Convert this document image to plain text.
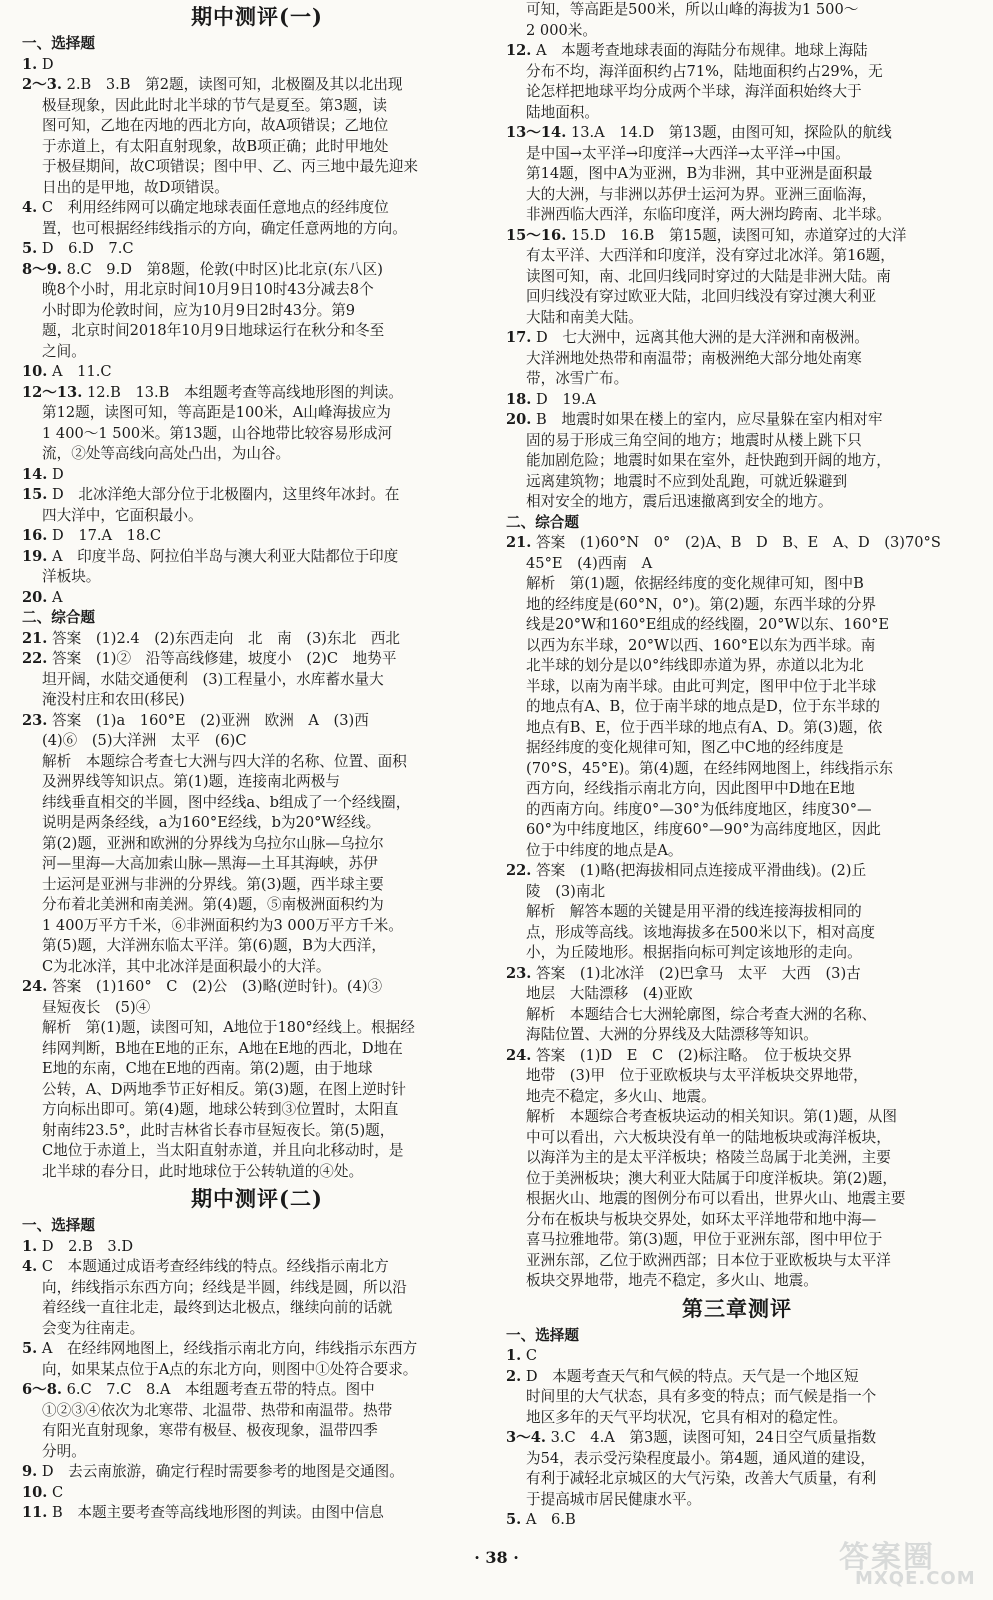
期中测评(一)
一、选择题
1. D
2～3. 2.B　3.B　第2题，读图可知，北极圈及其以北出现
极昼现象，因此此时北半球的节气是夏至。第3题，读
图可知，乙地在丙地的西北方向，故A项错误；乙地位
于赤道上，有太阳直射现象，故B项正确；此时甲地处
于极昼期间，故C项错误；图中甲、乙、丙三地中最先迎来
日出的是甲地，故D项错误。
4. C　利用经纬网可以确定地球表面任意地点的经纬度位
置，也可根据经纬线指示的方向，确定任意两地的方向。
5. D　6.D　7.C
8～9. 8.C　9.D　第8题，伦敦(中时区)比北京(东八区)
晚8个小时，用北京时间10月9日10时43分减去8个
小时即为伦敦时间，应为10月9日2时43分。第9
题，北京时间2018年10月9日地球运行在秋分和冬至
之间。
10. A　11.C
12～13. 12.B　13.B　本组题考查等高线地形图的判读。
第12题，读图可知，等高距是100米，A山峰海拔应为
1 400～1 500米。第13题，山谷地带比较容易形成河
流，②处等高线向高处凸出，为山谷。
14. D
15. D　北冰洋绝大部分位于北极圈内，这里终年冰封。在
四大洋中，它面积最小。
16. D　17.A　18.C
19. A　印度半岛、阿拉伯半岛与澳大利亚大陆都位于印度
洋板块。
20. A
二、综合题
21. 答案　(1)2.4　(2)东西走向　北　南　(3)东北　西北
22. 答案　(1)②　沿等高线修建，坡度小　(2)C　地势平
坦开阔，水陆交通便利　(3)工程量小，水库蓄水量大
淹没村庄和农田(移民)
23. 答案　(1)a　160°E　(2)亚洲　欧洲　A　(3)西
(4)⑥　(5)大洋洲　太平　(6)C
解析　本题综合考查七大洲与四大洋的名称、位置、面积
及洲界线等知识点。第(1)题，连接南北两极与
纬线垂直相交的半圆，图中经线a、b组成了一个经线圈，
说明是两条经线，a为160°E经线，b为20°W经线。
第(2)题，亚洲和欧洲的分界线为乌拉尔山脉—乌拉尔
河—里海—大高加索山脉—黑海—土耳其海峡，苏伊
士运河是亚洲与非洲的分界线。第(3)题，西半球主要
分布着北美洲和南美洲。第(4)题，⑤南极洲面积约为
1 400万平方千米，⑥非洲面积约为3 000万平方千米。
第(5)题，大洋洲东临太平洋。第(6)题，B为大西洋，
C为北冰洋，其中北冰洋是面积最小的大洋。
24. 答案　(1)160°　C　(2)公　(3)略(逆时针)。(4)③
昼短夜长　(5)④
解析　第(1)题，读图可知，A地位于180°经线上。根据经
纬网判断，B地在E地的正东，A地在E地的西北，D地在
E地的东南，C地在E地的西南。第(2)题，由于地球
公转，A、D两地季节正好相反。第(3)题，在图上逆时针
方向标出即可。第(4)题，地球公转到③位置时，太阳直
射南纬23.5°，此时吉林省长春市昼短夜长。第(5)题，
C地位于赤道上，当太阳直射赤道，并且向北移动时，是
北半球的春分日，此时地球位于公转轨道的④处。
期中测评(二)
一、选择题
1. D　2.B　3.D
4. C　本题通过成语考查经纬线的特点。经线指示南北方
向，纬线指示东西方向；经线是半圆，纬线是圆，所以沿
着经线一直往北走，最终到达北极点，继续向前的话就
会变为往南走。
5. A　在经纬网地图上，经线指示南北方向，纬线指示东西方
向，如果某点位于A点的东北方向，则图中①处符合要求。
6～8. 6.C　7.C　8.A　本组题考查五带的特点。图中
①②③④依次为北寒带、北温带、热带和南温带。热带
有阳光直射现象，寒带有极昼、极夜现象，温带四季
分明。
9. D　去云南旅游，确定行程时需要参考的地图是交通图。
10. C
11. B　本题主要考查等高线地形图的判读。由图中信息
可知，等高距是500米，所以山峰的海拔为1 500～
2 000米。
12. A　本题考查地球表面的海陆分布规律。地球上海陆
分布不均，海洋面积约占71%，陆地面积约占29%，无
论怎样把地球平均分成两个半球，海洋面积始终大于
陆地面积。
13～14. 13.A　14.D　第13题，由图可知，探险队的航线
是中国→太平洋→印度洋→大西洋→太平洋→中国。
第14题，图中A为亚洲，B为非洲，其中亚洲是面积最
大的大洲，与非洲以苏伊士运河为界。亚洲三面临海，
非洲西临大西洋，东临印度洋，两大洲均跨南、北半球。
15～16. 15.D　16.B　第15题，读图可知，赤道穿过的大洋
有太平洋、大西洋和印度洋，没有穿过北冰洋。第16题，
读图可知，南、北回归线同时穿过的大陆是非洲大陆。南
回归线没有穿过欧亚大陆，北回归线没有穿过澳大利亚
大陆和南美大陆。
17. D　七大洲中，远离其他大洲的是大洋洲和南极洲。
大洋洲地处热带和南温带；南极洲绝大部分地处南寒
带，冰雪广布。
18. D　19.A
20. B　地震时如果在楼上的室内，应尽量躲在室内相对牢
固的易于形成三角空间的地方；地震时从楼上跳下只
能加剧危险；地震时如果在室外，赶快跑到开阔的地方，
远离建筑物；地震时不应到处乱跑，可就近躲避到
相对安全的地方，震后迅速撤离到安全的地方。
二、综合题
21. 答案　(1)60°N　0°　(2)A、B　D　B、E　A、D　(3)70°S
45°E　(4)西南　A
解析　第(1)题，依据经纬度的变化规律可知，图中B
地的经纬度是(60°N，0°)。第(2)题，东西半球的分界
线是20°W和160°E组成的经线圈，20°W以东、160°E
以西为东半球，20°W以西、160°E以东为西半球。南
北半球的划分是以0°纬线即赤道为界，赤道以北为北
半球，以南为南半球。由此可判定，图甲中位于北半球
的地点有A、B，位于南半球的地点是D，位于东半球的
地点有B、E，位于西半球的地点有A、D。第(3)题，依
据经纬度的变化规律可知，图乙中C地的经纬度是
(70°S，45°E)。第(4)题，在经纬网地图上，纬线指示东
西方向，经线指示南北方向，因此图甲中D地在E地
的西南方向。纬度0°—30°为低纬度地区，纬度30°—
60°为中纬度地区，纬度60°—90°为高纬度地区，因此
位于中纬度的地点是A。
22. 答案　(1)略(把海拔相同点连接成平滑曲线)。(2)丘
陵　(3)南北
解析　解答本题的关键是用平滑的线连接海拔相同的
点，形成等高线。该地海拔多在500米以下，相对高度
小，为丘陵地形。根据指向标可判定该地形的走向。
23. 答案　(1)北冰洋　(2)巴拿马　太平　大西　(3)古
地层　大陆漂移　(4)亚欧
解析　本题结合七大洲轮廓图，综合考查大洲的名称、
海陆位置、大洲的分界线及大陆漂移等知识。
24. 答案　(1)D　E　C　(2)标注略。　位于板块交界
地带　(3)甲　位于亚欧板块与太平洋板块交界地带，
地壳不稳定，多火山、地震。
解析　本题综合考查板块运动的相关知识。第(1)题，从图
中可以看出，六大板块没有单一的陆地板块或海洋板块，
以海洋为主的是太平洋板块；格陵兰岛属于北美洲，主要
位于美洲板块；澳大利亚大陆属于印度洋板块。第(2)题，
根据火山、地震的图例分布可以看出，世界火山、地震主要
分布在板块与板块交界处，如环太平洋地带和地中海—
喜马拉雅地带。第(3)题，甲位于亚洲东部，图中甲位于
亚洲东部，乙位于欧洲西部；日本位于亚欧板块与太平洋
板块交界地带，地壳不稳定，多火山、地震。
第三章测评
一、选择题
1. C
2. D　本题考查天气和气候的特点。天气是一个地区短
时间里的大气状态，具有多变的特点；而气候是指一个
地区多年的天气平均状况，它具有相对的稳定性。
3～4. 3.C　4.A　第3题，读图可知，24日空气质量指数
为54，表示受污染程度最小。第4题，通风道的建设，
有利于减轻北京城区的大气污染，改善大气质量，有利
于提高城市居民健康水平。
5. A　6.B
· 38 ·	答案圈
MXQE.COM
